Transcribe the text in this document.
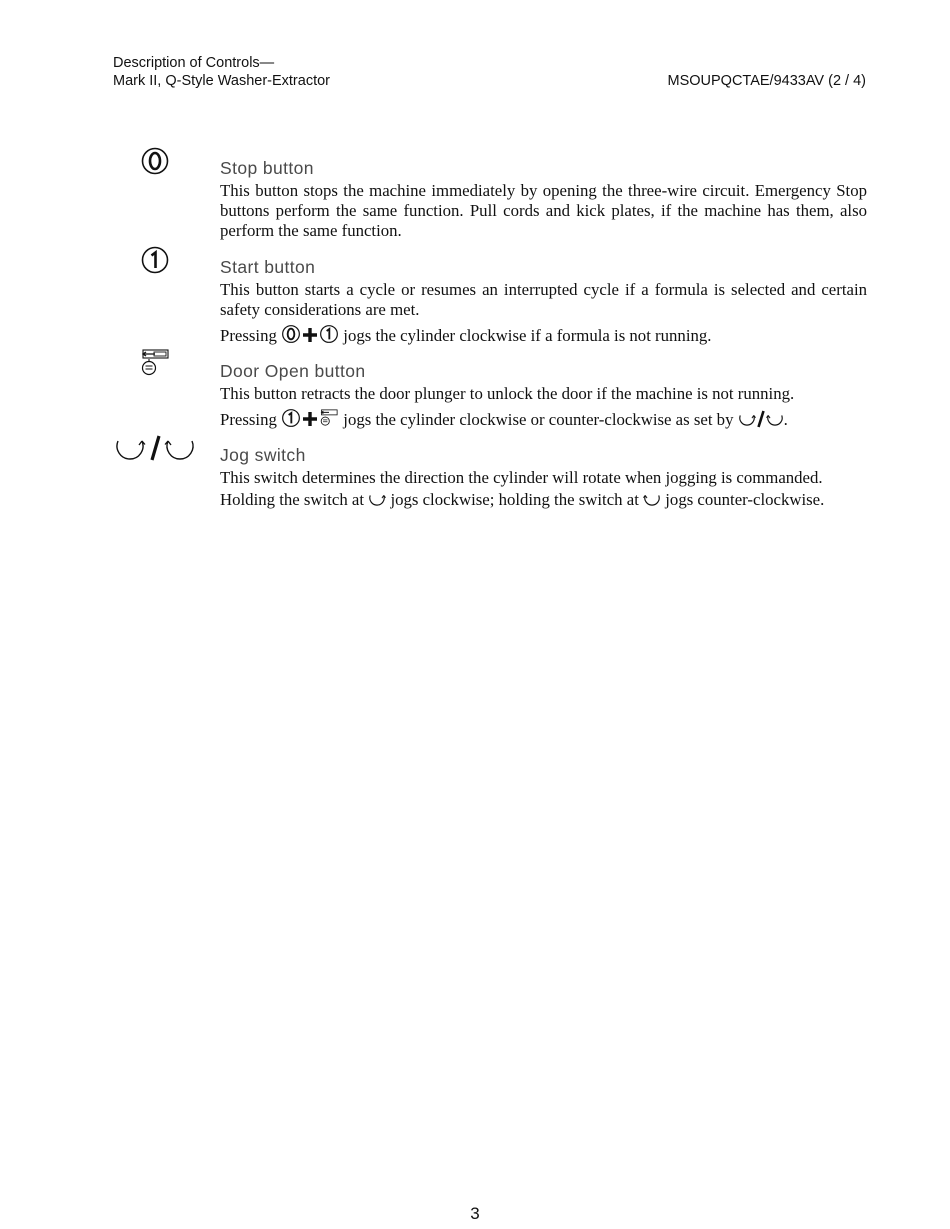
Description of Controls—
Mark II, Q-Style Washer-Extractor	MSOUPQCTAE/9433AV (2 / 4)
Stop button

This button stops the machine immediately by opening the three-wire circuit. Emergency Stop buttons perform the same function. Pull cords and kick plates, if the machine has them, also perform the same function.

Start button

This button starts a cycle or resumes an interrupted cycle if a formula is selected and certain safety considerations are met.

Pressing	jogs the cylinder clockwise if a formula is not running.

Door Open button

This button retracts the door plunger to unlock the door if the machine is not running.

Pressing	jogs the cylinder clockwise or counter-clockwise as set by	.

Jog switch

This switch determines the direction the cylinder will rotate when jogging is commanded.

Holding the switch at jogs clockwise; holding the switch at jogs counter-clockwise.

3
